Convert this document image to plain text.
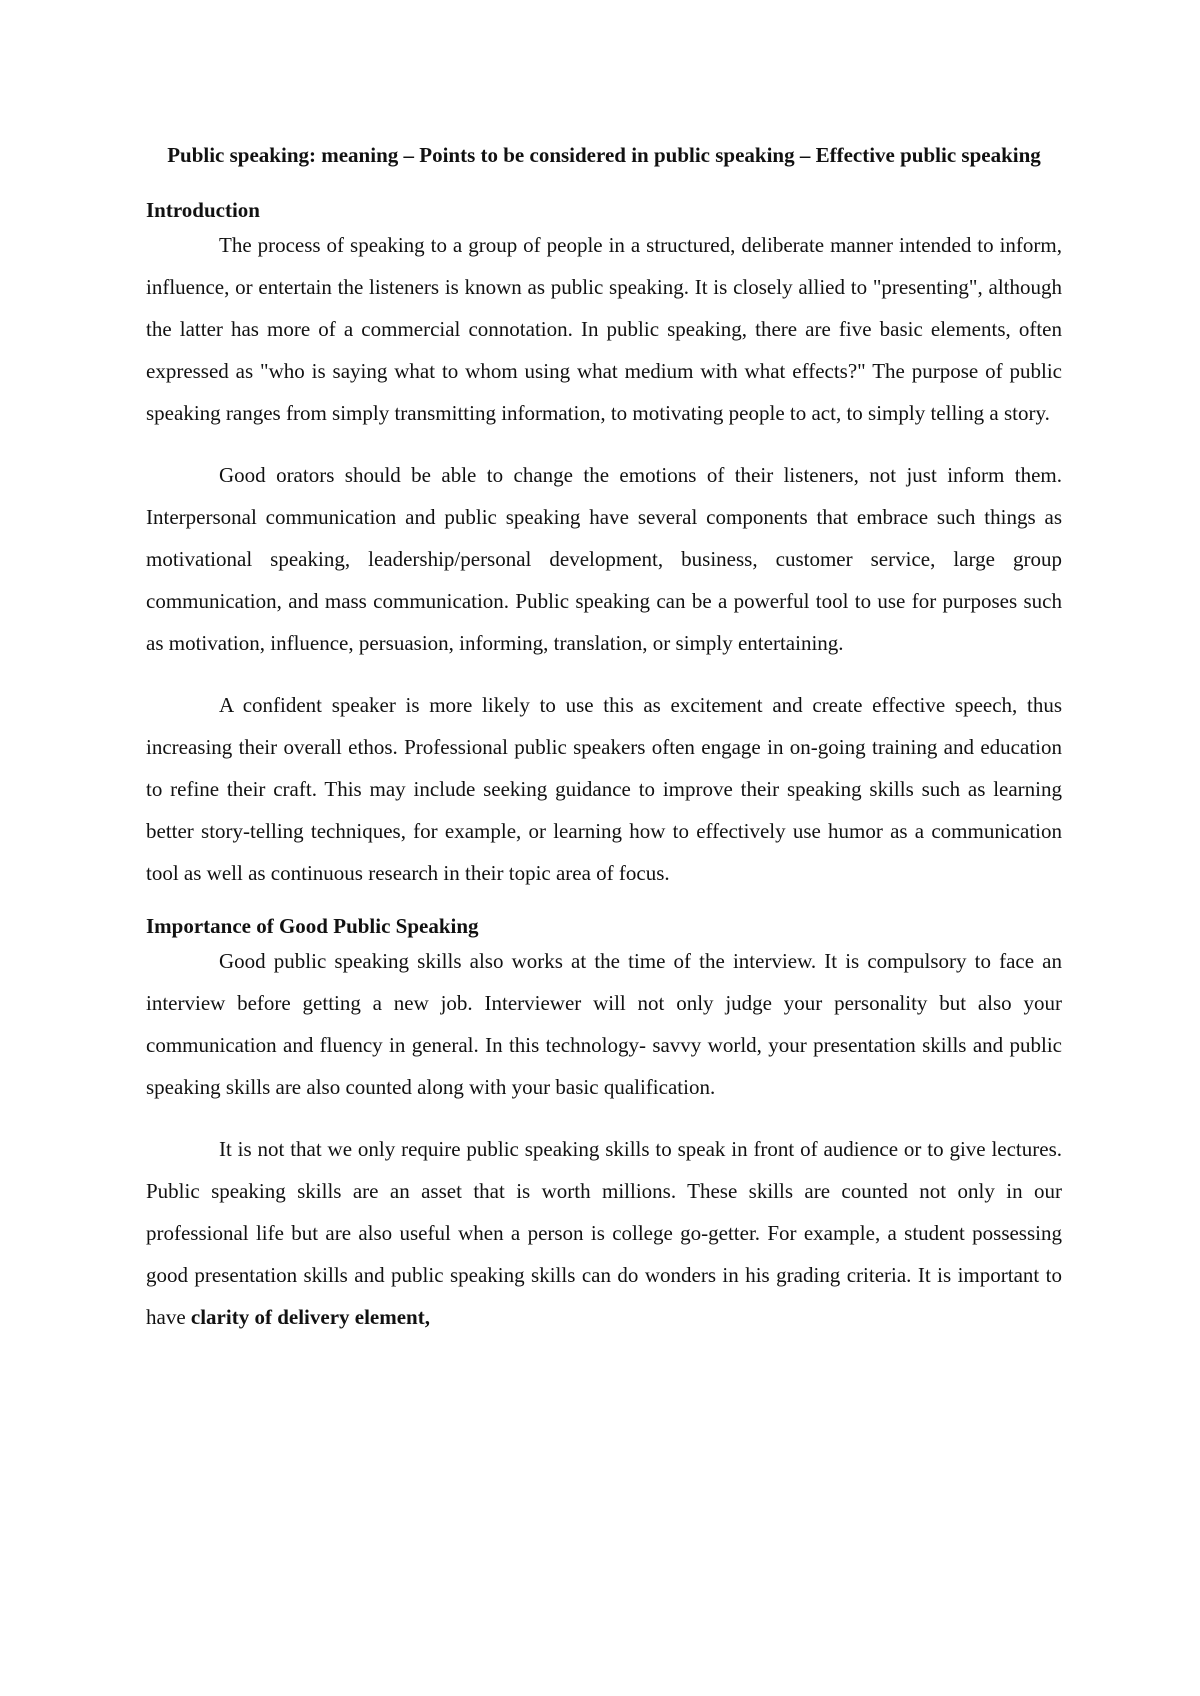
Public speaking: meaning – Points to be considered in public speaking – Effective public speaking

Introduction

The process of speaking to a group of people in a structured, deliberate manner intended to inform, influence, or entertain the listeners is known as public speaking. It is closely allied to "presenting", although the latter has more of a commercial connotation. In public speaking, there are five basic elements, often expressed as "who is saying what to whom using what medium with what effects?" The purpose of public speaking ranges from simply transmitting information, to motivating people to act, to simply telling a story.

Good orators should be able to change the emotions of their listeners, not just inform them. Interpersonal communication and public speaking have several components that embrace such things as motivational speaking, leadership/personal development, business, customer service, large group communication, and mass communication. Public speaking can be a powerful tool to use for purposes such as motivation, influence, persuasion, informing, translation, or simply entertaining.

A confident speaker is more likely to use this as excitement and create effective speech, thus increasing their overall ethos. Professional public speakers often engage in on-going training and education to refine their craft. This may include seeking guidance to improve their speaking skills such as learning better story-telling techniques, for example, or learning how to effectively use humor as a communication tool as well as continuous research in their topic area of focus.

Importance of Good Public Speaking

Good public speaking skills also works at the time of the interview. It is compulsory to face an interview before getting a new job. Interviewer will not only judge your personality but also your communication and fluency in general. In this technology- savvy world, your presentation skills and public speaking skills are also counted along with your basic qualification.

It is not that we only require public speaking skills to speak in front of audience or to give lectures. Public speaking skills are an asset that is worth millions. These skills are counted not only in our professional life but are also useful when a person is college go-getter. For example, a student possessing good presentation skills and public speaking skills can do wonders in his grading criteria. It is important to have clarity of delivery element,
